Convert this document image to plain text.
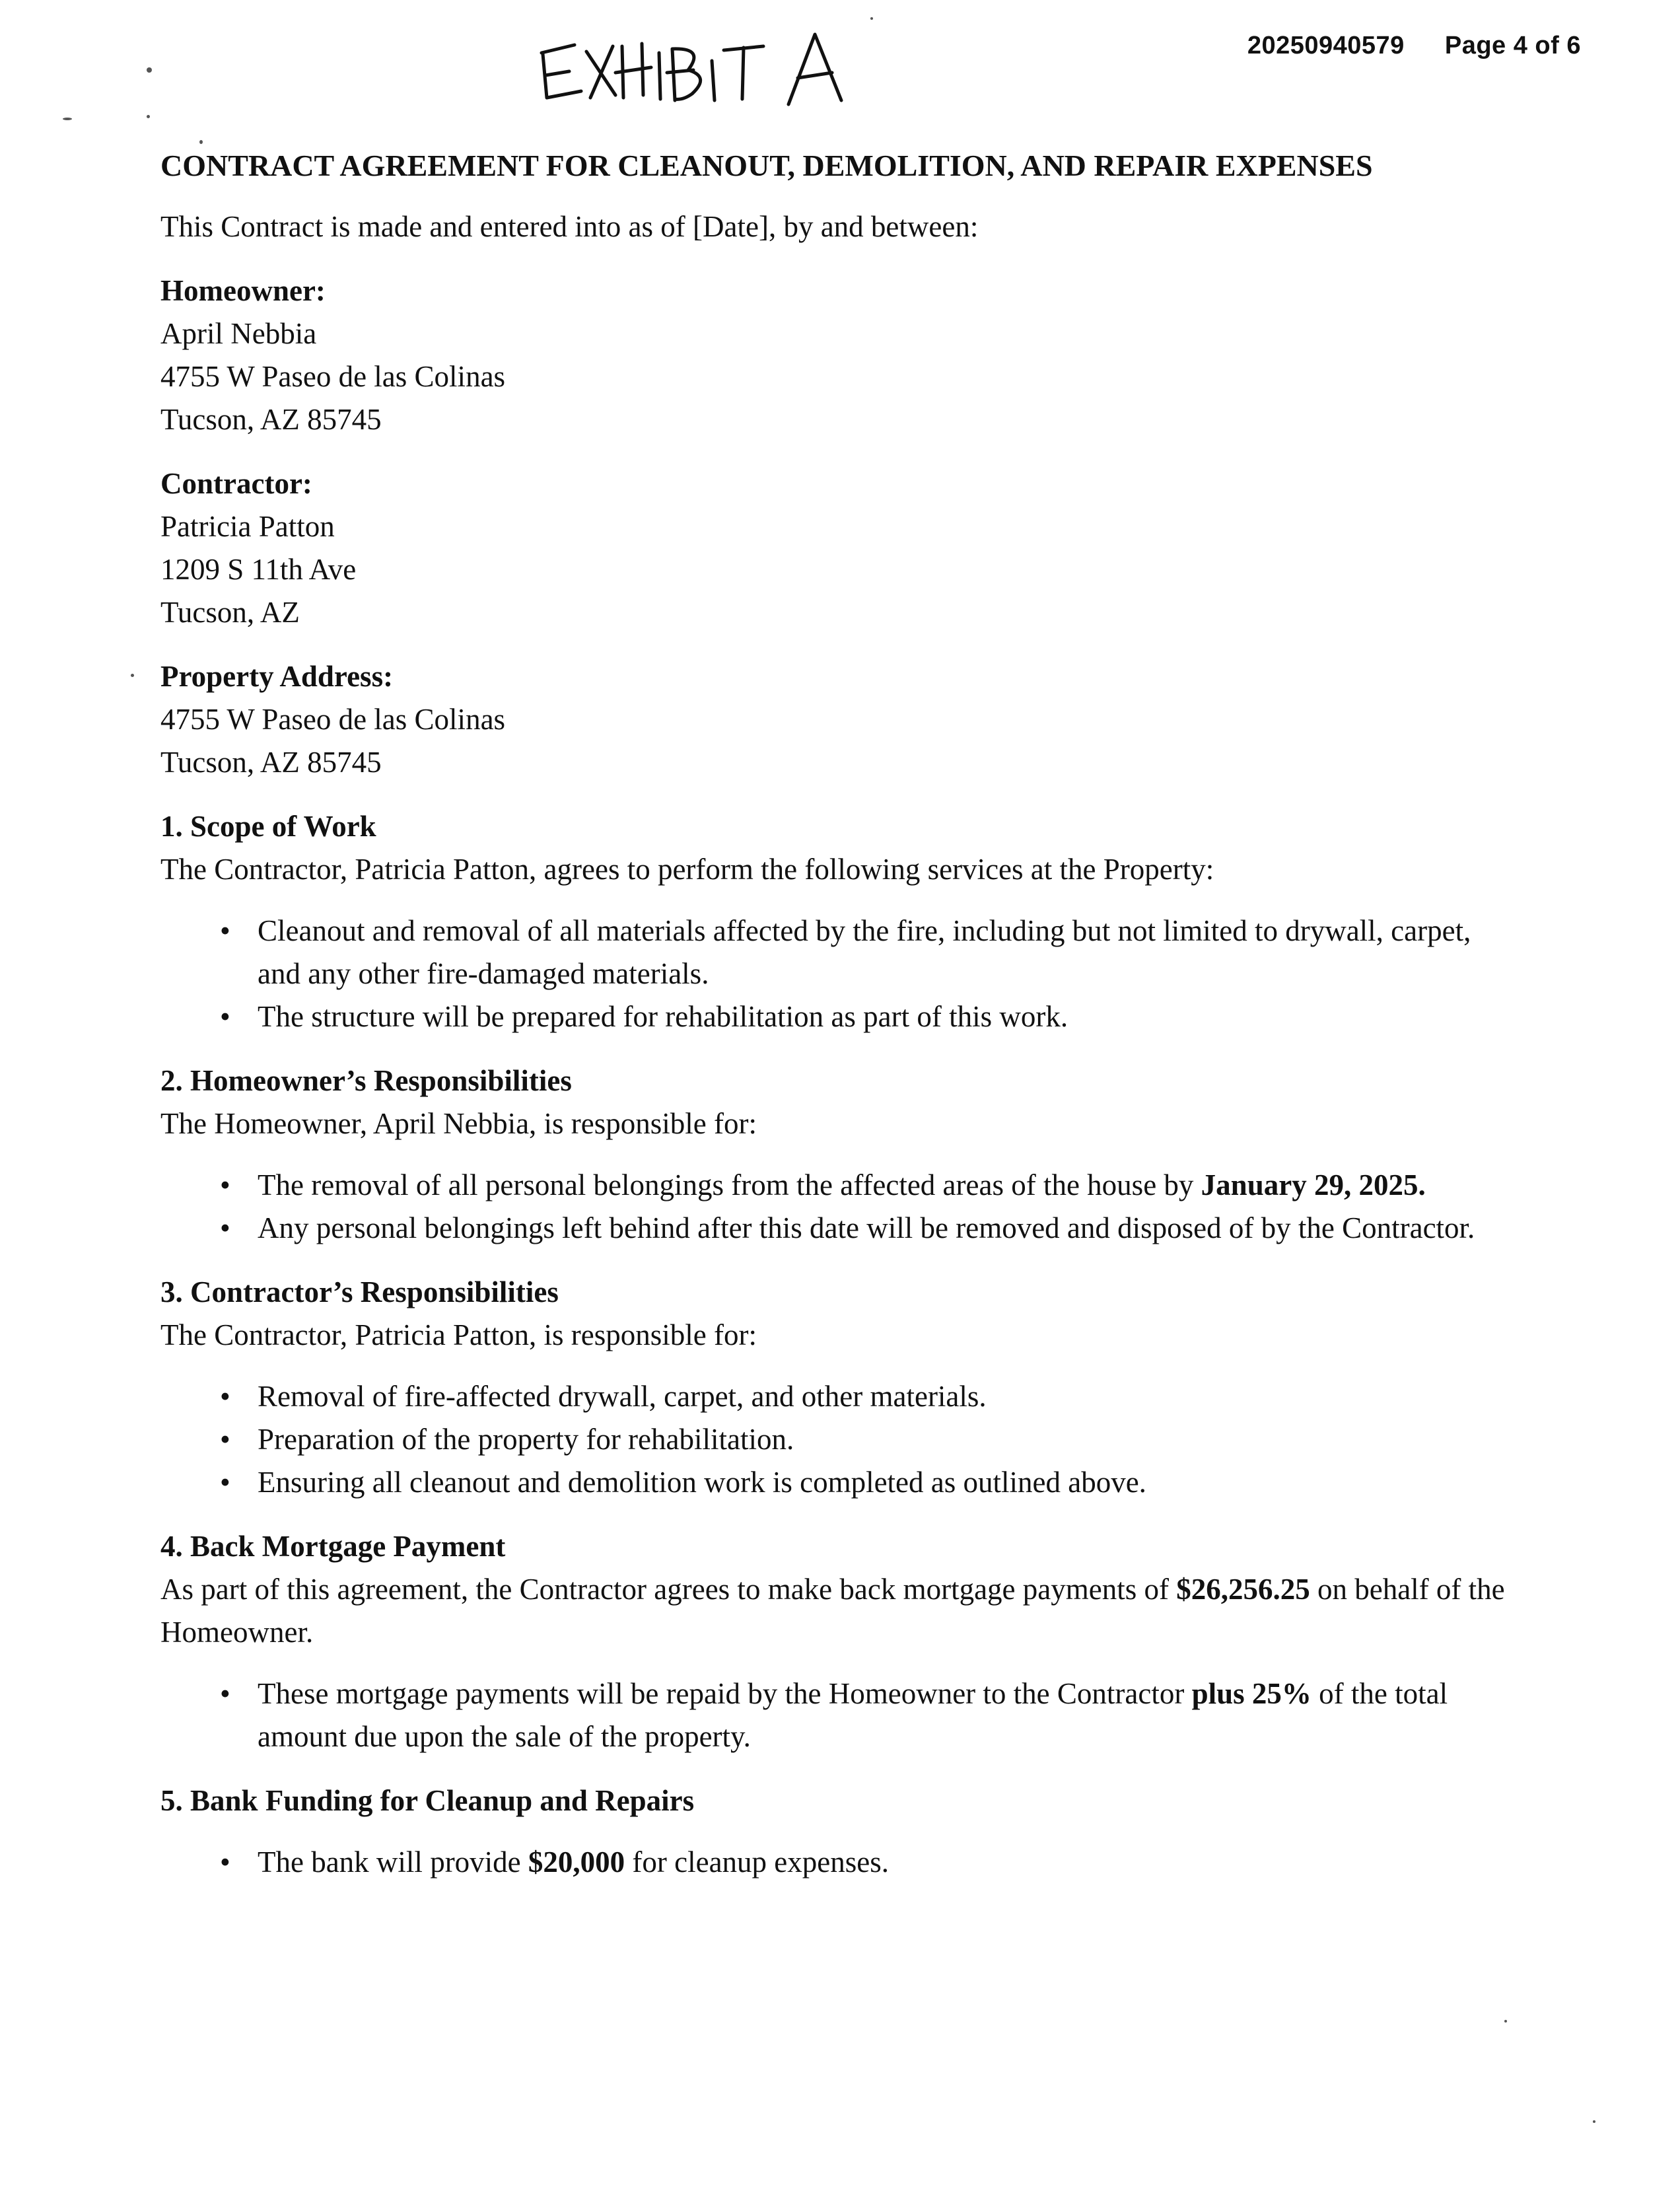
20250940579 Page 4 of 6

CONTRACT AGREEMENT FOR CLEANOUT, DEMOLITION, AND REPAIR EXPENSES

This Contract is made and entered into as of [Date], by and between:

Homeowner:

April Nebbia

4755 W Paseo de las Colinas

Tucson, AZ 85745

Contractor:

Patricia Patton

1209 S 11th Ave

Tucson, AZ

Property Address:

4755 W Paseo de las Colinas

Tucson, AZ 85745

1. Scope of Work

The Contractor, Patricia Patton, agrees to perform the following services at the Property:

• Cleanout and removal of all materials affected by the fire, including but not limited to drywall, carpet, and any other fire-damaged materials.
• The structure will be prepared for rehabilitation as part of this work.

2. Homeowner’s Responsibilities

The Homeowner, April Nebbia, is responsible for:

• The removal of all personal belongings from the affected areas of the house by January 29, 2025.
• Any personal belongings left behind after this date will be removed and disposed of by the Contractor.

3. Contractor’s Responsibilities

The Contractor, Patricia Patton, is responsible for:

• Removal of fire-affected drywall, carpet, and other materials.
• Preparation of the property for rehabilitation.
• Ensuring all cleanout and demolition work is completed as outlined above.

4. Back Mortgage Payment

As part of this agreement, the Contractor agrees to make back mortgage payments of $26,256.25 on behalf of the Homeowner.

• These mortgage payments will be repaid by the Homeowner to the Contractor plus 25% of the total amount due upon the sale of the property.

5. Bank Funding for Cleanup and Repairs

• The bank will provide $20,000 for cleanup expenses.
